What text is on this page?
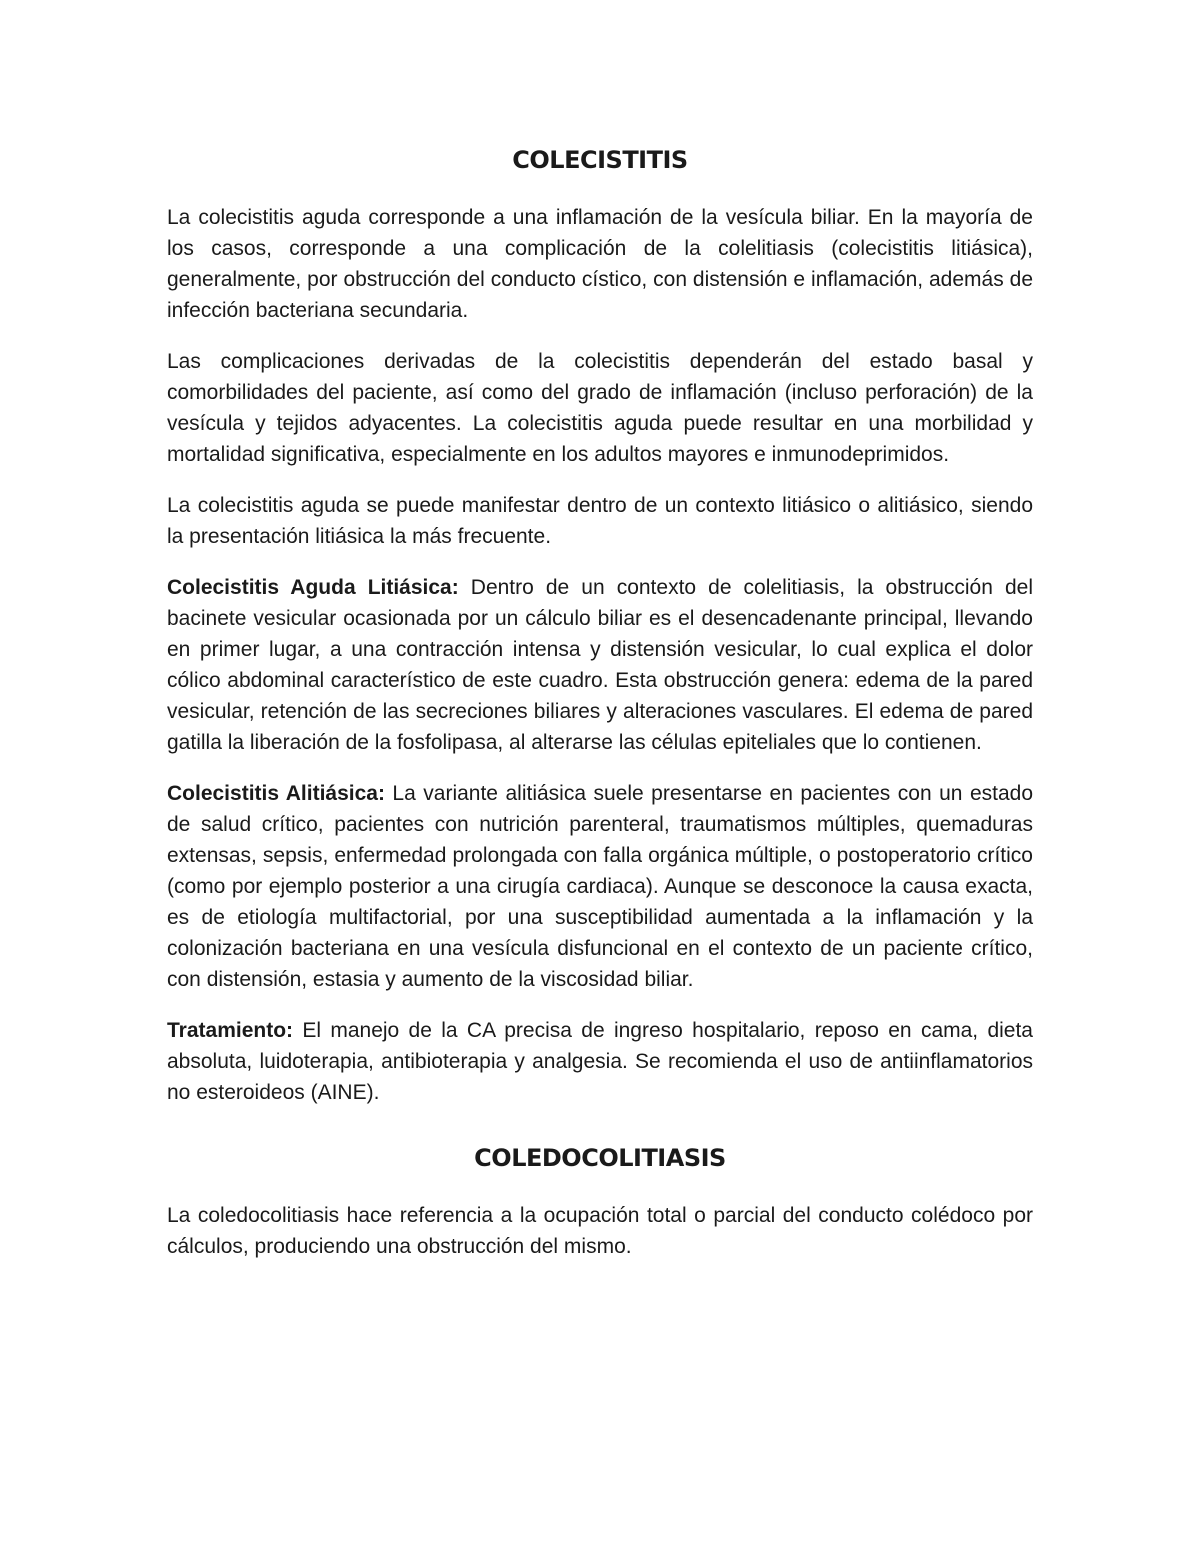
COLECISTITIS

La colecistitis aguda corresponde a una inflamación de la vesícula biliar. En la mayoría de los casos, corresponde a una complicación de la colelitiasis (colecistitis litiásica), generalmente, por obstrucción del conducto cístico, con distensión e inflamación, además de infección bacteriana secundaria.

Las complicaciones derivadas de la colecistitis dependerán del estado basal y comorbilidades del paciente, así como del grado de inflamación (incluso perforación) de la vesícula y tejidos adyacentes. La colecistitis aguda puede resultar en una morbilidad y mortalidad significativa, especialmente en los adultos mayores e inmunodeprimidos.

La colecistitis aguda se puede manifestar dentro de un contexto litiásico o alitiásico, siendo la presentación litiásica la más frecuente.

Colecistitis Aguda Litiásica: Dentro de un contexto de colelitiasis, la obstrucción del bacinete vesicular ocasionada por un cálculo biliar es el desencadenante principal, llevando en primer lugar, a una contracción intensa y distensión vesicular, lo cual explica el dolor cólico abdominal característico de este cuadro. Esta obstrucción genera: edema de la pared vesicular, retención de las secreciones biliares y alteraciones vasculares. El edema de pared gatilla la liberación de la fosfolipasa, al alterarse las células epiteliales que lo contienen.

Colecistitis Alitiásica: La variante alitiásica suele presentarse en pacientes con un estado de salud crítico, pacientes con nutrición parenteral, traumatismos múltiples, quemaduras extensas, sepsis, enfermedad prolongada con falla orgánica múltiple, o postoperatorio crítico (como por ejemplo posterior a una cirugía cardiaca). Aunque se desconoce la causa exacta, es de etiología multifactorial, por una susceptibilidad aumentada a la inflamación y la colonización bacteriana en una vesícula disfuncional en el contexto de un paciente crítico, con distensión, estasia y aumento de la viscosidad biliar.

Tratamiento: El manejo de la CA precisa de ingreso hospitalario, reposo en cama, dieta absoluta, luidoterapia, antibioterapia y analgesia. Se recomienda el uso de antiinflamatorios no esteroideos (AINE).

COLEDOCOLITIASIS

La coledocolitiasis hace referencia a la ocupación total o parcial del conducto colédoco por cálculos, produciendo una obstrucción del mismo.
